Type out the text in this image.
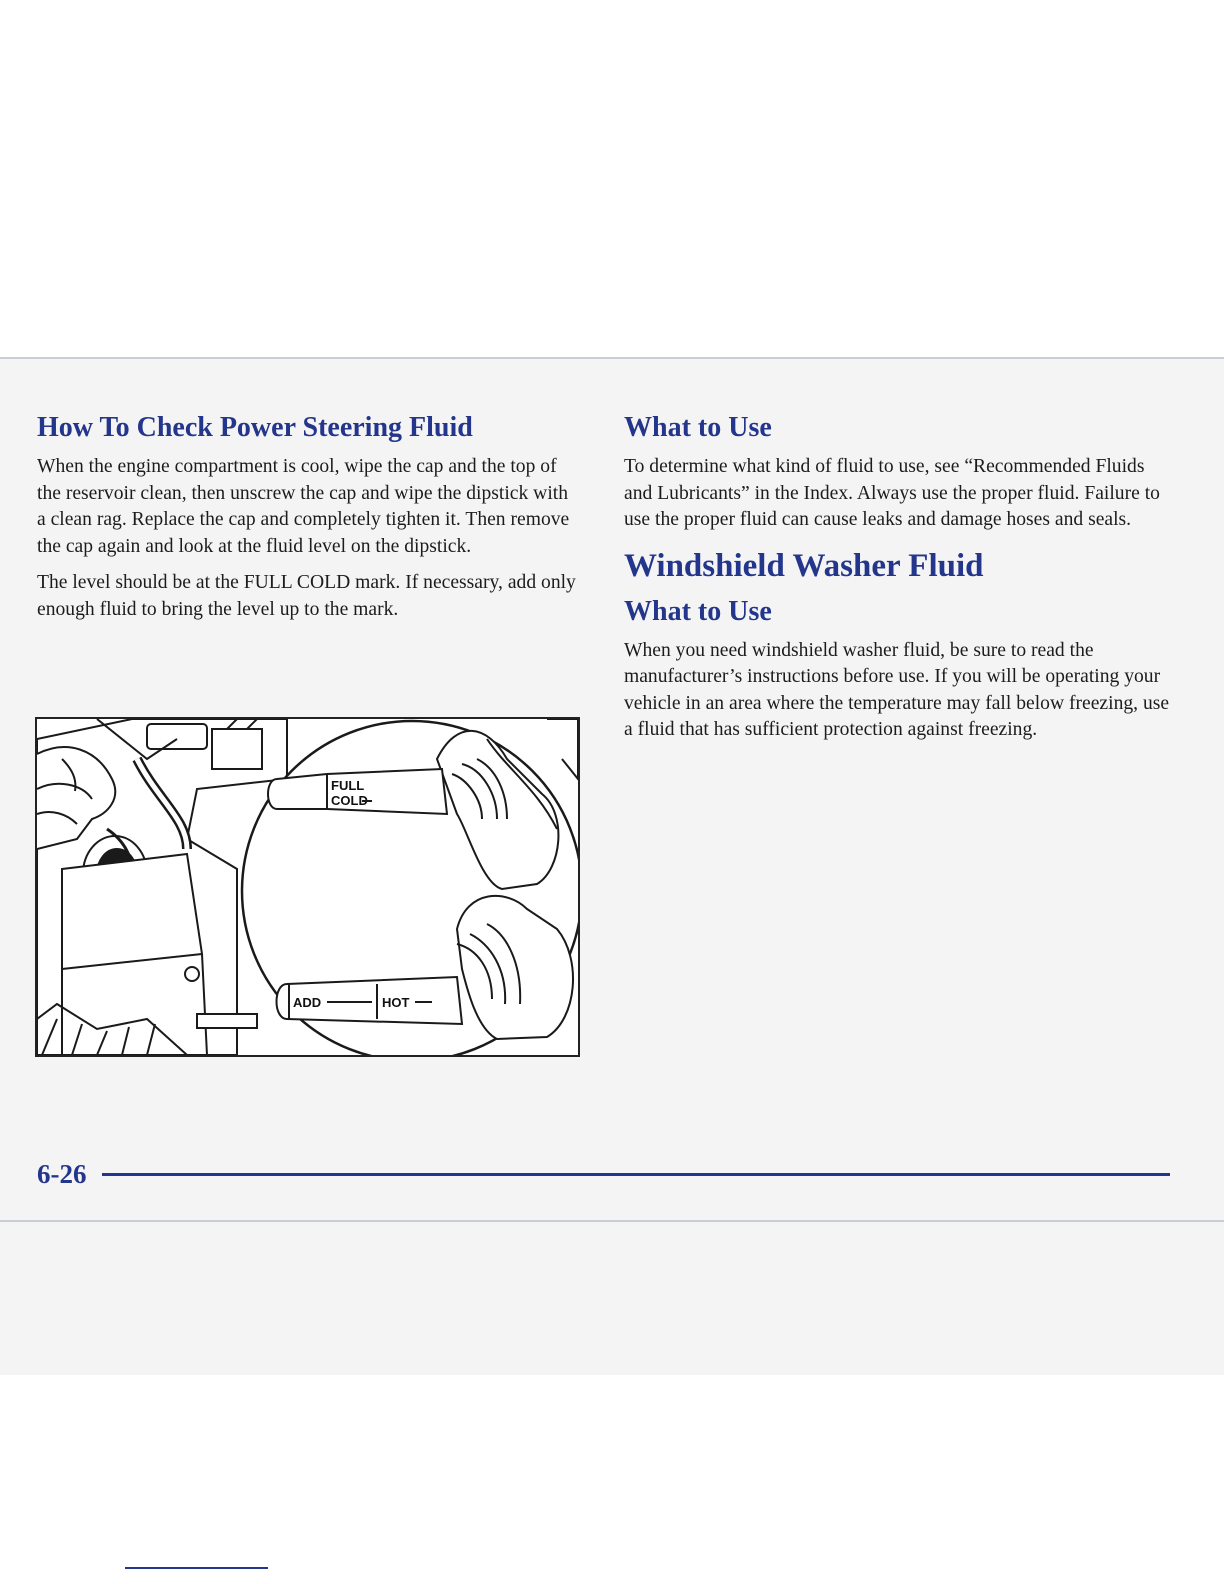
How To Check Power Steering Fluid

When the engine compartment is cool, wipe the cap and the top of the reservoir clean, then unscrew the cap and wipe the dipstick with a clean rag. Replace the cap and completely tighten it. Then remove the cap again and look at the fluid level on the dipstick.

The level should be at the FULL COLD mark. If necessary, add only enough fluid to bring the level up to the mark.

FULL
COLD
ADD	HOT
What to Use

To determine what kind of fluid to use, see “Recommended Fluids and Lubricants” in the Index. Always use the proper fluid. Failure to use the proper fluid can cause leaks and damage hoses and seals.

Windshield Washer Fluid
What to Use

When you need windshield washer fluid, be sure to read the manufacturer’s instructions before use. If you will be operating your vehicle in an area where the temperature may fall below freezing, use a fluid that has sufficient protection against freezing.

6-26
